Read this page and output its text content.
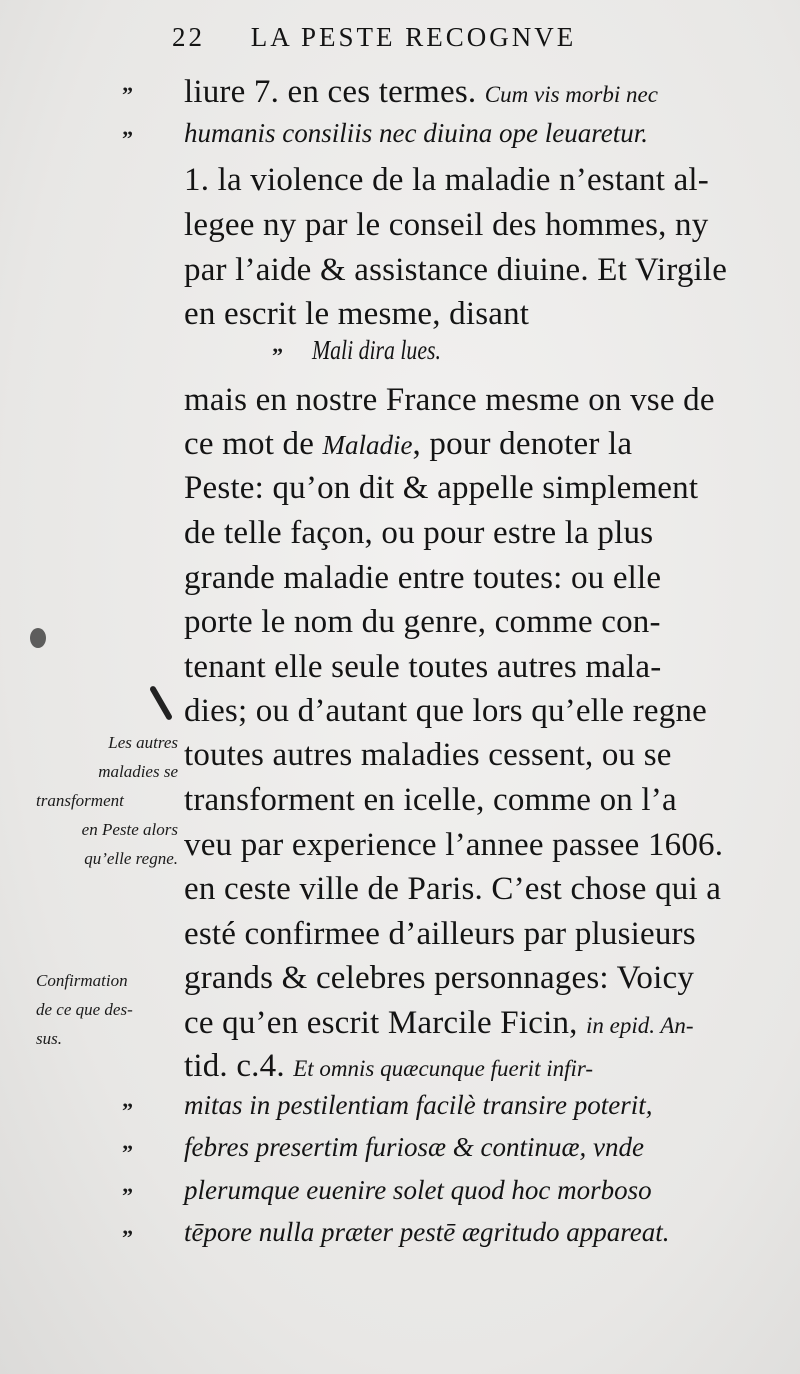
22 LA PESTE RECOGNVE
liure 7. en ces termes. Cum vis morbi nec
”
humanis consiliis nec diuina ope leuaretur.
”
1. la violence de la maladie n’estant al-
legee ny par le conseil des hommes, ny
par l’aide & assistance diuine. Et Virgile
en escrit le mesme, disant
Mali dira lues.
”
mais en nostre France mesme on vse de
ce mot de Maladie, pour denoter la
Peste: qu’on dit & appelle simplement
de telle façon, ou pour estre la plus
grande maladie entre toutes: ou elle
porte le nom du genre, comme con-
tenant elle seule toutes autres mala-
dies; ou d’autant que lors qu’elle regne
toutes autres maladies cessent, ou se
transforment en icelle, comme on l’a
veu par experience l’annee passee 1606.
en ceste ville de Paris. C’est chose qui a
esté confirmee d’ailleurs par plusieurs
grands & celebres personnages: Voicy
ce qu’en escrit Marcile Ficin, in epid. An-
tid. c.4. Et omnis quæcunque fuerit infir-
mitas in pestilentiam facilè transire poterit,
”
febres presertim furiosæ & continuæ, vnde
”
plerumque euenire solet quod hoc morboso
”
tēpore nulla præter pestē ægritudo appareat.
”
Les autres
maladies se
transforment
en Peste alors
qu’elle regne.
Confirmation
de ce que des-
sus.
